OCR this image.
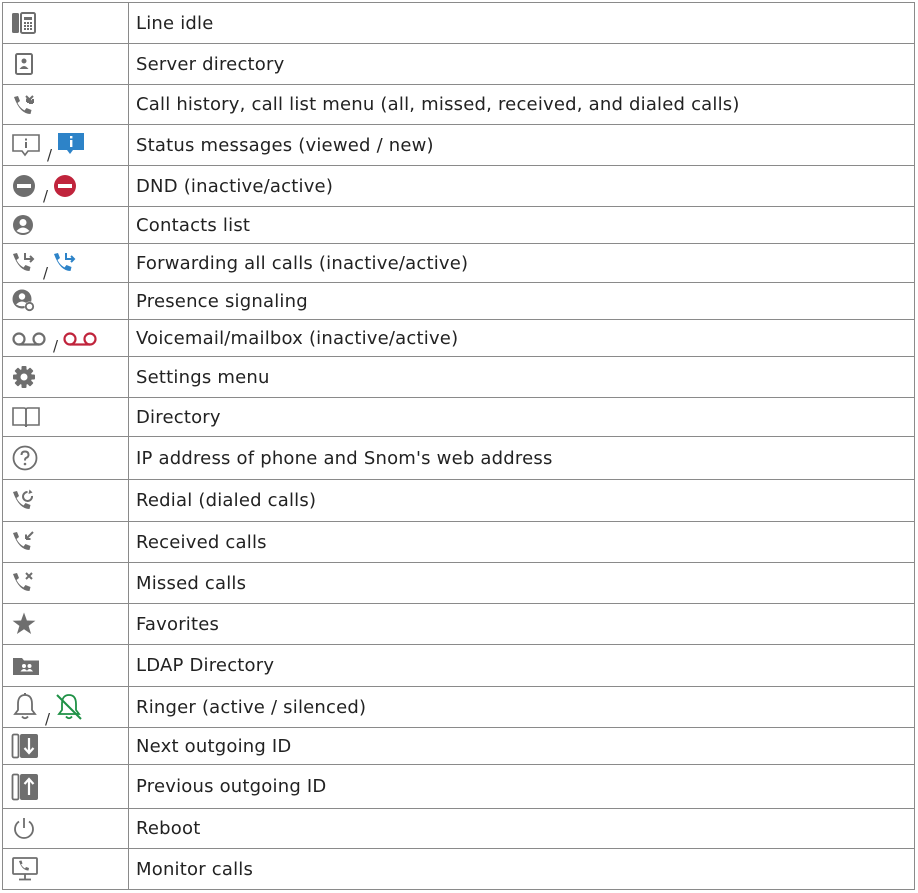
	Line idle

	Server directory

	Call history, call list menu (all, missed, received, and dialed calls)

/	Status messages (viewed / new)

/	DND (inactive/active)

	Contacts list

/	Forwarding all calls (inactive/active)

	Presence signaling

/	Voicemail/mailbox (inactive/active)

	Settings menu

	Directory

	IP address of phone and Snom's web address

	Redial (dialed calls)

	Received calls

	Missed calls

	Favorites

	LDAP Directory

/	Ringer (active / silenced)

	Next outgoing ID

	Previous outgoing ID

	Reboot

	Monitor calls
